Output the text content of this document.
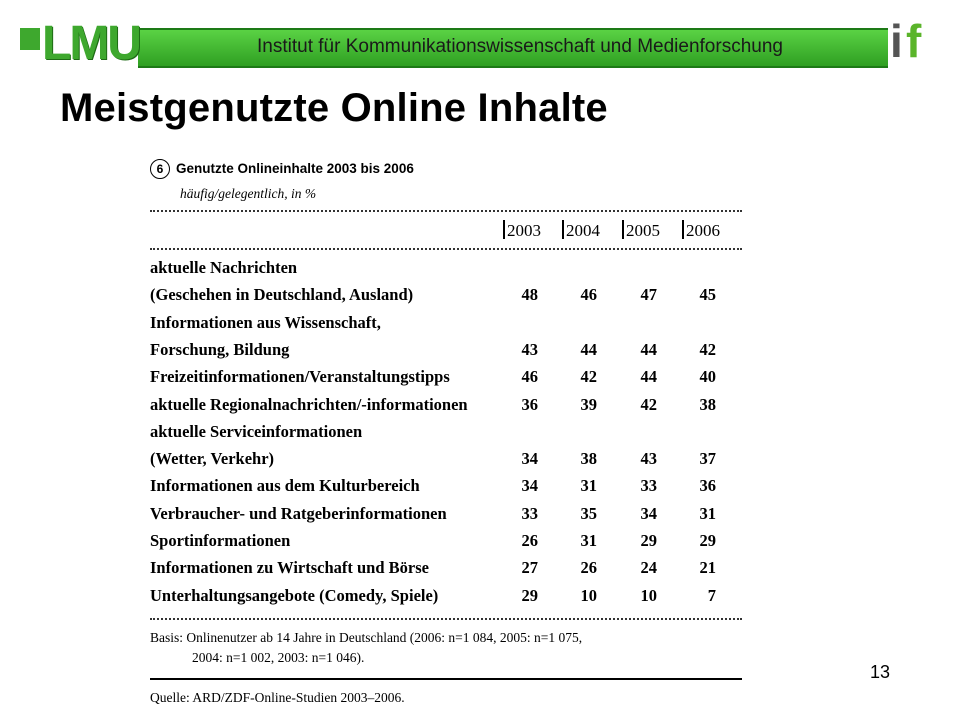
Institut für Kommunikationswissenschaft und Medienforschung
LMU	i f
Meistgenutzte Online Inhalte
6 Genutzte Onlineinhalte 2003 bis 2006
häufig/gelegentlich, in %
2003 2004 2005 2006
aktuelle Nachrichten
(Geschehen in Deutschland, Ausland)	48	46	47	45
Informationen aus Wissenschaft,
Forschung, Bildung	43	44	44	42
Freizeitinformationen/Veranstaltungstipps	46	42	44	40
aktuelle Regionalnachrichten/-informationen	36	39	42	38
aktuelle Serviceinformationen
(Wetter, Verkehr)	34	38	43	37
Informationen aus dem Kulturbereich	34	31	33	36
Verbraucher- und Ratgeberinformationen	33	35	34	31
Sportinformationen	26	31	29	29
Informationen zu Wirtschaft und Börse	27	26	24	21
Unterhaltungsangebote (Comedy, Spiele)	29	10	10	7
Basis: Onlinenutzer ab 14 Jahre in Deutschland (2006: n=1 084, 2005: n=1 075,
2004: n=1 002, 2003: n=1 046).
Quelle: ARD/ZDF-Online-Studien 2003–2006.
13
